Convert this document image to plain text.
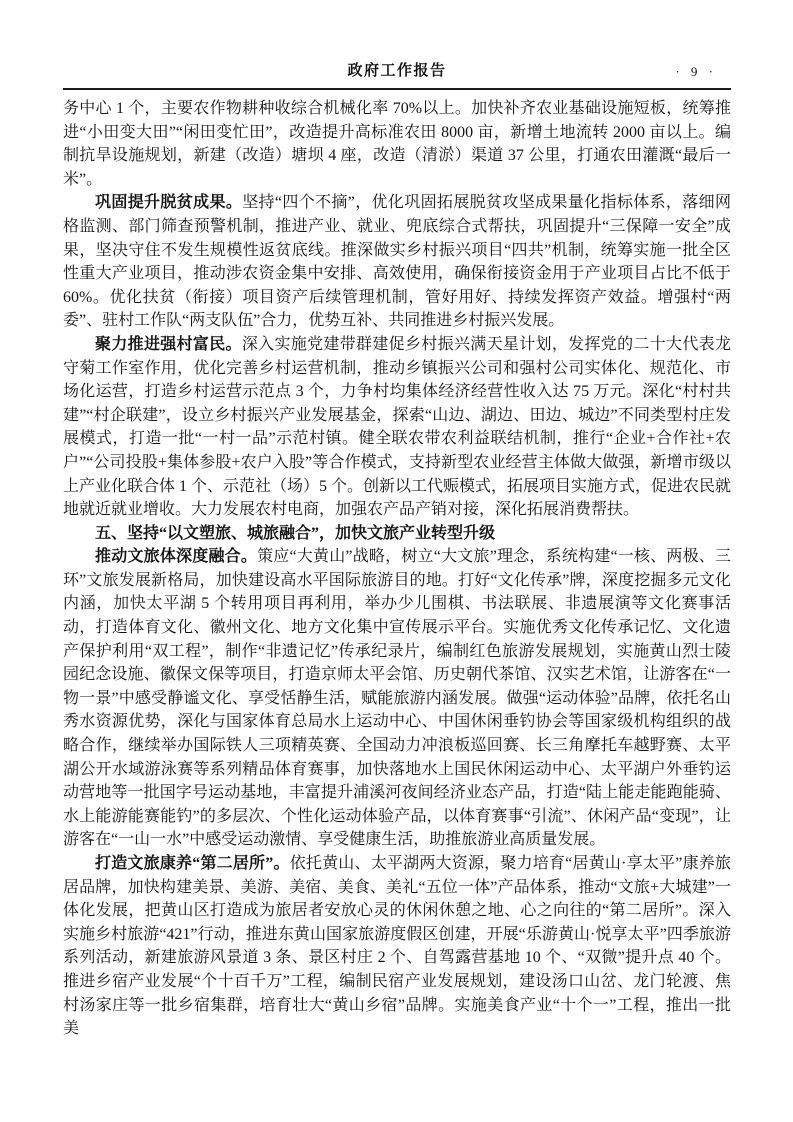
政府工作报告	· 9 ·

务中心 1 个，主要农作物耕种收综合机械化率 70%以上。加快补齐农业基础设施短板，统筹推进“小田变大田”“闲田变忙田”，改造提升高标准农田 8000 亩，新增土地流转 2000 亩以上。编制抗旱设施规划，新建（改造）塘坝 4 座，改造（清淤）渠道 37 公里，打通农田灌溉“最后一米”。

巩固提升脱贫成果。坚持“四个不摘”，优化巩固拓展脱贫攻坚成果量化指标体系，落细网格监测、部门筛查预警机制，推进产业、就业、兜底综合式帮扶，巩固提升“三保障一安全”成果，坚决守住不发生规模性返贫底线。推深做实乡村振兴项目“四共”机制，统筹实施一批全区性重大产业项目，推动涉农资金集中安排、高效使用，确保衔接资金用于产业项目占比不低于 60%。优化扶贫（衔接）项目资产后续管理机制，管好用好、持续发挥资产效益。增强村“两委”、驻村工作队“两支队伍”合力，优势互补、共同推进乡村振兴发展。

聚力推进强村富民。深入实施党建带群建促乡村振兴满天星计划，发挥党的二十大代表龙守菊工作室作用，优化完善乡村运营机制，推动乡镇振兴公司和强村公司实体化、规范化、市场化运营，打造乡村运营示范点 3 个，力争村均集体经济经营性收入达 75 万元。深化“村村共建”“村企联建”，设立乡村振兴产业发展基金，探索“山边、湖边、田边、城边”不同类型村庄发展模式，打造一批“一村一品”示范村镇。健全联农带农利益联结机制，推行“企业+合作社+农户”“公司投股+集体参股+农户入股”等合作模式，支持新型农业经营主体做大做强，新增市级以上产业化联合体 1 个、示范社（场）5 个。创新以工代赈模式，拓展项目实施方式，促进农民就地就近就业增收。大力发展农村电商，加强农产品产销对接，深化拓展消费帮扶。

五、坚持“以文塑旅、城旅融合”，加快文旅产业转型升级

推动文旅体深度融合。策应“大黄山”战略，树立“大文旅”理念，系统构建“一核、两极、三环”文旅发展新格局，加快建设高水平国际旅游目的地。打好“文化传承”牌，深度挖掘多元文化内涵，加快太平湖 5 个转用项目再利用，举办少儿围棋、书法联展、非遗展演等文化赛事活动，打造体育文化、徽州文化、地方文化集中宣传展示平台。实施优秀文化传承记忆、文化遗产保护利用“双工程”，制作“非遗记忆”传承纪录片，编制红色旅游发展规划，实施黄山烈士陵园纪念设施、徽保文保等项目，打造京师太平会馆、历史朝代茶馆、汉实艺术馆，让游客在“一物一景”中感受静谧文化、享受恬静生活，赋能旅游内涵发展。做强“运动体验”品牌，依托名山秀水资源优势，深化与国家体育总局水上运动中心、中国休闲垂钓协会等国家级机构组织的战略合作，继续举办国际铁人三项精英赛、全国动力冲浪板巡回赛、长三角摩托车越野赛、太平湖公开水域游泳赛等系列精品体育赛事，加快落地水上国民休闲运动中心、太平湖户外垂钓运动营地等一批国字号运动基地，丰富提升浦溪河夜间经济业态产品，打造“陆上能走能跑能骑、水上能游能赛能钓”的多层次、个性化运动体验产品，以体育赛事“引流”、休闲产品“变现”，让游客在“一山一水”中感受运动激情、享受健康生活，助推旅游业高质量发展。

打造文旅康养“第二居所”。依托黄山、太平湖两大资源，聚力培育“居黄山·享太平”康养旅居品牌，加快构建美景、美游、美宿、美食、美礼“五位一体”产品体系，推动“文旅+大城建”一体化发展，把黄山区打造成为旅居者安放心灵的休闲休憩之地、心之向往的“第二居所”。深入实施乡村旅游“421”行动，推进东黄山国家旅游度假区创建，开展“乐游黄山·悦享太平”四季旅游系列活动，新建旅游风景道 3 条、景区村庄 2 个、自驾露营基地 10 个、“双微”提升点 40 个。推进乡宿产业发展“个十百千万”工程，编制民宿产业发展规划，建设汤口山岔、龙门轮渡、焦村汤家庄等一批乡宿集群，培育壮大“黄山乡宿”品牌。实施美食产业“十个一”工程，推出一批美
